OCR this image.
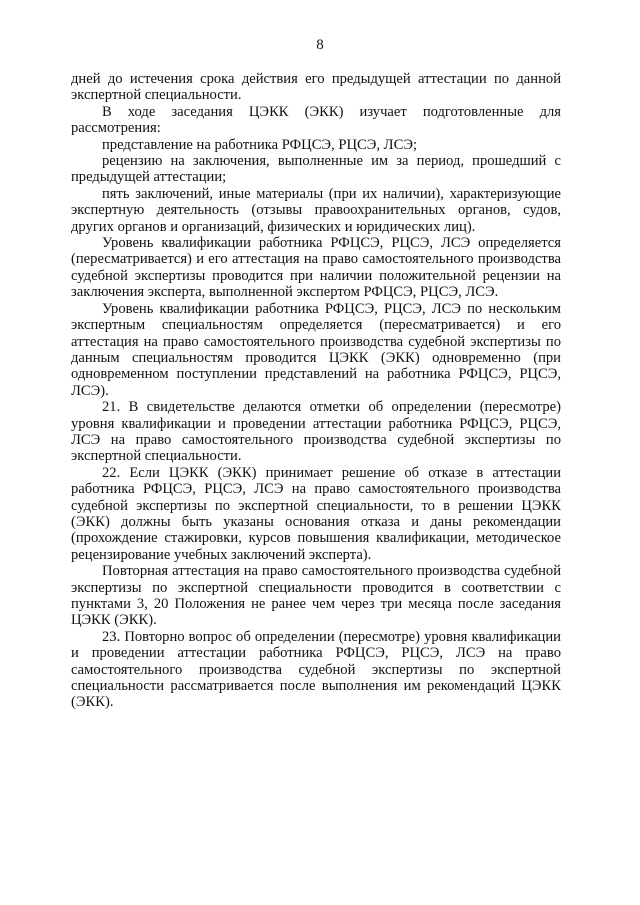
8

дней до истечения срока действия его предыдущей аттестации по данной экспертной специальности.

В ходе заседания ЦЭКК (ЭКК) изучает подготовленные для рассмотрения:

представление на работника РФЦСЭ, РЦСЭ, ЛСЭ;

рецензию на заключения, выполненные им за период, прошедший с предыдущей аттестации;

пять заключений, иные материалы (при их наличии), характеризующие экспертную деятельность (отзывы правоохранительных органов, судов, других органов и организаций, физических и юридических лиц).

Уровень квалификации работника РФЦСЭ, РЦСЭ, ЛСЭ определяется (пересматривается) и его аттестация на право самостоятельного производства судебной экспертизы проводится при наличии положительной рецензии на заключения эксперта, выполненной экспертом РФЦСЭ, РЦСЭ, ЛСЭ.

Уровень квалификации работника РФЦСЭ, РЦСЭ, ЛСЭ по нескольким экспертным специальностям определяется (пересматривается) и его аттестация на право самостоятельного производства судебной экспертизы по данным специальностям проводится ЦЭКК (ЭКК) одновременно (при одновременном поступлении представлений на работника РФЦСЭ, РЦСЭ, ЛСЭ).

21. В свидетельстве делаются отметки об определении (пересмотре) уровня квалификации и проведении аттестации работника РФЦСЭ, РЦСЭ, ЛСЭ на право самостоятельного производства судебной экспертизы по экспертной специальности.

22. Если ЦЭКК (ЭКК) принимает решение об отказе в аттестации работника РФЦСЭ, РЦСЭ, ЛСЭ на право самостоятельного производства судебной экспертизы по экспертной специальности, то в решении ЦЭКК (ЭКК) должны быть указаны основания отказа и даны рекомендации (прохождение стажировки, курсов повышения квалификации, методическое рецензирование учебных заключений эксперта).

Повторная аттестация на право самостоятельного производства судебной экспертизы по экспертной специальности проводится в соответствии с пунктами 3, 20 Положения не ранее чем через три месяца после заседания ЦЭКК (ЭКК).

23. Повторно вопрос об определении (пересмотре) уровня квалификации и проведении аттестации работника РФЦСЭ, РЦСЭ, ЛСЭ на право самостоятельного производства судебной экспертизы по экспертной специальности рассматривается после выполнения им рекомендаций ЦЭКК (ЭКК).
